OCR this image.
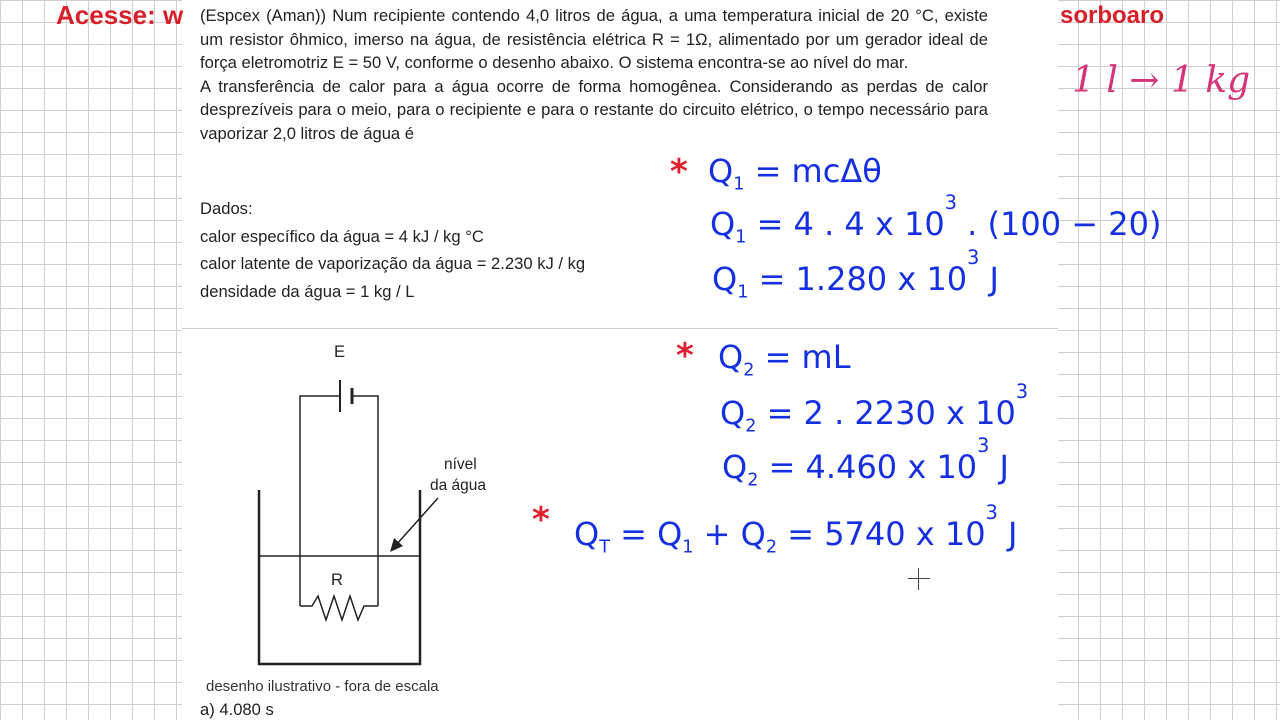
Acesse: w	sorboaro

(Espcex (Aman)) Num recipiente contendo 4,0 litros de água, a uma temperatura inicial de 20 °C, existe um resistor ôhmico, imerso na água, de resistência elétrica R = 1Ω, alimentado por um gerador ideal de força eletromotriz E = 50 V, conforme o desenho abaixo. O sistema encontra-se ao nível do mar.

A transferência de calor para a água ocorre de forma homogênea. Considerando as perdas de calor desprezíveis para o meio, para o recipiente e para o restante do circuito elétrico, o tempo necessário para vaporizar 2,0 litros de água é

Dados:
calor específico da água = 4 kJ / kg °C
calor latente de vaporização da água = 2.230 kJ / kg
densidade da água = 1 kg / L
E
R
nível
da água
desenho ilustrativo - fora de escala
a) 4.080 s
1 l → 1 kg
* $Q_1 = mc\Delta\theta$
$Q_1 = 4$ . 4 x $10^3$ . (100 − 20)
$Q_1 = 1.280$ x $10^3$ J
* $Q_2$ = mL
$Q_2 = 2$ . 2230 x $10^3$
$Q_2 = 4.460$ x $10^3$ J
* $Q_T = Q_1 + Q_2 = 5740$ x $10^3$ J
